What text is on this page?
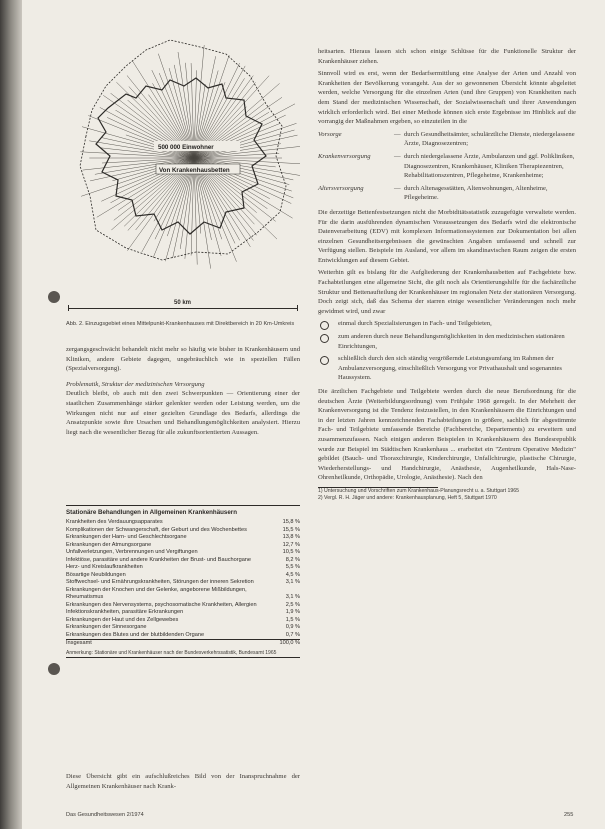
500 000 Einwohner
Von Krankenhausbetten
50 km
Abb. 2. Einzugsgebiet eines Mittelpunkt-Krankenhauses mit Direktbereich in 20 Km-Umkreis

zergangsgeschwächt behandelt nicht mehr so häufig wie bisher in Krankenhäusern und Kliniken, andere Gebiete dagegen, ungebräuchlich wie in speziellen Fällen (Spezialversorgung).

Problematik, Struktur der medizinischen Versorgung

Deutlich bleibt, ob auch mit den zwei Schwerpunkten — Orientierung einer der staatlichen Zusammenhänge stärker gelenkter werden oder Leistung werden, um die Wirkungen nicht nur auf einer gezielten Grundlage des Bedarfs, allerdings die Ansatzpunkte sowie ihre Ursachen und Behandlungsmöglichkeiten analysiert. Hierzu liegt nach die wesentlicher Bezug für alle zukunftsorientierten Aussagen.

Stationäre Behandlungen in Allgemeinen Krankenhäusern
Krankheiten des Verdauungsapparates	15,8 %
Komplikationen der Schwangerschaft, der Geburt und des Wochenbettes	15,5 %
Erkrankungen der Harn- und Geschlechtsorgane	13,8 %
Erkrankungen der Atmungsorgane	12,7 %
Unfallverletzungen, Verbrennungen und Vergiftungen	10,5 %
Infektiöse, parasitäre und andere Krankheiten der Brust- und Bauchorgane	8,2 %
Herz- und Kreislaufkrankheiten	5,5 %
Bösartige Neubildungen	4,5 %
Stoffwechsel- und Ernährungskrankheiten, Störungen der inneren Sekretion	3,1 %
Erkrankungen der Knochen und der Gelenke, angeborene Mißbildungen, Rheumatismus	3,1 %
Erkrankungen des Nervensystems, psychosomatische Krankheiten, Allergien	2,5 %
Infektionskrankheiten, parasitäre Erkrankungen	1,9 %
Erkrankungen der Haut und des Zellgewebes	1,5 %
Erkrankungen der Sinnesorgane	0,9 %
Erkrankungen des Blutes und der blutbildenden Organe	0,7 %
Insgesamt	100,0 %
Anmerkung: Stationäre und Krankenhäuser nach der Bundesverkehrssatistik, Bundesamt 1965

Diese Übersicht gibt ein aufschlußreiches Bild von der Inanspruchnahme der Allgemeinen Krankenhäuser nach Krank-

heitsarten. Hieraus lassen sich schon einige Schlüsse für die Funktionelle Struktur der Krankenhäuser ziehen.

Sinnvoll wird es erst, wenn der Bedarfsermittlung eine Analyse der Arten und Anzahl von Krankheiten der Bevölkerung vorangeht. Aus der so gewonnenen Übersicht könnte abgeleitet werden, welche Versorgung für die einzelnen Arten (und ihre Gruppen) von Krankheiten nach dem Stand der medizinischen Wissenschaft, der Sozialwissenschaft und ihrer Anwendungen wirklich erforderlich wird. Bei einer Methode können sich erste Ergebnisse im Hinblick auf die vorrangig der Maßnahmen ergeben, so einzuteilen in die

Vorsorge	— durch Gesundheitsämter, schulärztliche Dienste, niedergelassene Ärzte, Diagnosezentren;
Krankenversorgung	— durch niedergelassene Ärzte, Ambulanzen und ggf. Polikliniken, Diagnosezentren, Krankenhäuser, Kliniken Therapiezentren, Rehabilitationszentren, Pflegeheime, Krankenheime;
Altersversorgung	— durch Altenagesstätten, Altenwohnungen, Altenheime, Pflegeheime.

Die derzeitige Bettenfestsetzungen nicht die Morbiditätsstatistik zuzugefügte verwaltete werden. Für die darin ausführenden dynamischen Voraussetzungen des Bedarfs wird die elektronische Datenverarbeitung (EDV) mit komplexen Informationssystemen zur Dokumentation bei allen einzelnen Gesundheitsergebnissen die gewünschten Angaben umfassend und schnell zur Verfügung stellen. Beispiele im Ausland, vor allem im skandinavischen Raum zeigen die ersten Entwicklungen auf diesem Gebiet.

Weiterhin gilt es bislang für die Aufgliederung der Krankenhausbetten auf Fachgebiete bzw. Fachabteilungen eine allgemeine Sicht, die gilt noch als Orientierungshilfe für die fachärztliche Struktur und Bettenaufteilung der Krankenhäuser im regionalen Netz der stationären Versorgung. Doch zeigt sich, daß das Schema der starren einige wesentlicher Veränderungen noch mehr gewidmet wird, und zwar

einmal durch Spezialisierungen in Fach- und Teilgebieten,
zum anderen durch neue Behandlungsmöglichkeiten in den medizinischen stationären Einrichtungen,
schließlich durch den sich ständig vergrößernde Leistungsumfang im Rahmen der Ambulanzversorgung, einschließlich Versorgung vor Privathaushalt und sogenanntes Haussystem.

Die ärztlichen Fachgebiete und Teilgebiete werden durch die neue Berufsordnung für die deutschen Ärzte (Weiterbildungsordnung) vom Frühjahr 1968 geregelt. In der Mehrheit der Krankenversorgung ist die Tendenz festzustellen, in den Krankenhäusern die Einrichtungen und in der letzten Jahren kennzeichnenden Fachabteilungen in größere, sachlich für abgestimmte Fach- und Teilgebiete umfassende Bereiche (Fachbereiche, Departements) zu erweitern und zusammenzufassen. Nach einigen anderen Beispielen in Krankenhäusern des Bundesrepublik wurde zur Beispiel im Städtischen Krankenhaus ... erarbeitet ein "Zentrum Operative Medizin" gebildet (Bauch- und Thoraxchirurgie, Kinderchirurgie, Unfallchirurgie, plastische Chirurgie, Wiederherstellungs- und Handchirurgie, Anästhesie, Augenheilkunde, Hals-Nase-Ohrenheilkunde, Orthopädie, Urologie, Anästhesie). Nach den

1) Untersuchung und Vorschriften zum Krankenhaus-Planungsrecht u. a. Stuttgart 1965
2) Vergl. R. H. Jäger und andere: Krankenhausplanung, Heft 5, Stuttgart 1970
Das Gesundheitswesen 2/1974	255
